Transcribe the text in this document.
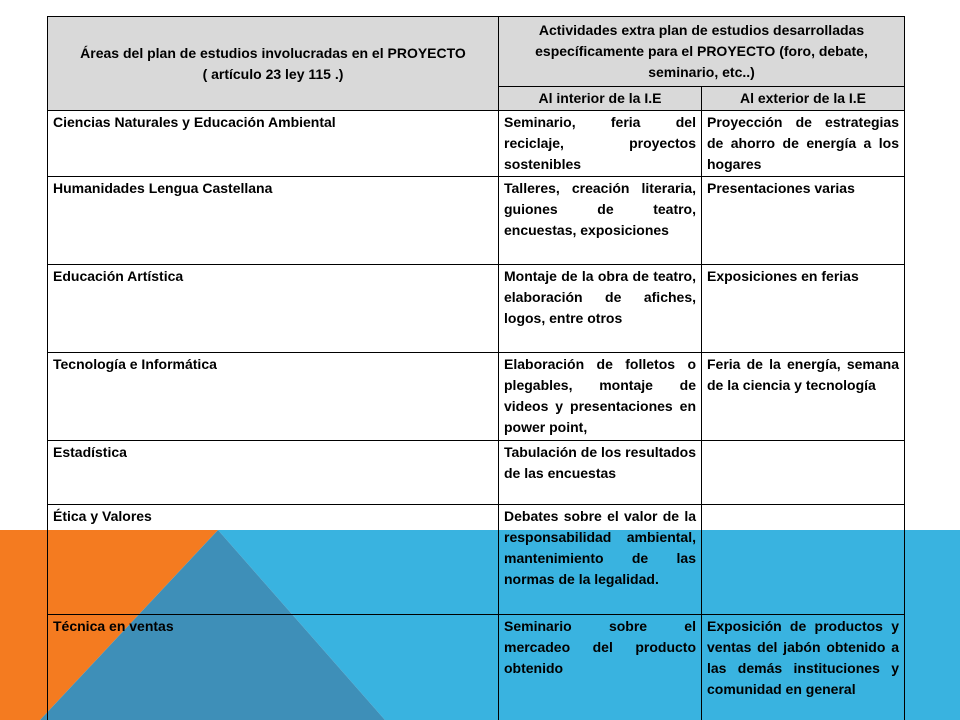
Áreas del plan de estudios involucradas en el PROYECTO
( artículo 23 ley 115 .)	Actividades extra plan de estudios desarrolladas específicamente para el PROYECTO (foro, debate, seminario, etc..)	
	Al interior de la I.E	Al exterior de la I.E
Ciencias Naturales y Educación Ambiental	Seminario, feria del reciclaje, proyectos sostenibles	Proyección de estrategias de ahorro de energía a los hogares
Humanidades Lengua Castellana	Talleres, creación literaria, guiones de teatro, encuestas, exposiciones	Presentaciones varias
Educación Artística	Montaje de la obra de teatro, elaboración de afiches, logos, entre otros	Exposiciones en ferias
Tecnología e Informática	Elaboración de folletos o plegables, montaje de videos y presentaciones en power point,	Feria de la energía, semana de la ciencia y tecnología
Estadística	Tabulación de los resultados de las encuestas	
Ética y Valores	Debates sobre el valor de la responsabilidad ambiental, mantenimiento de las normas de la legalidad.	
Técnica en ventas	Seminario sobre el mercadeo del producto obtenido	Exposición de productos y ventas del jabón obtenido a las demás instituciones y comunidad en general
